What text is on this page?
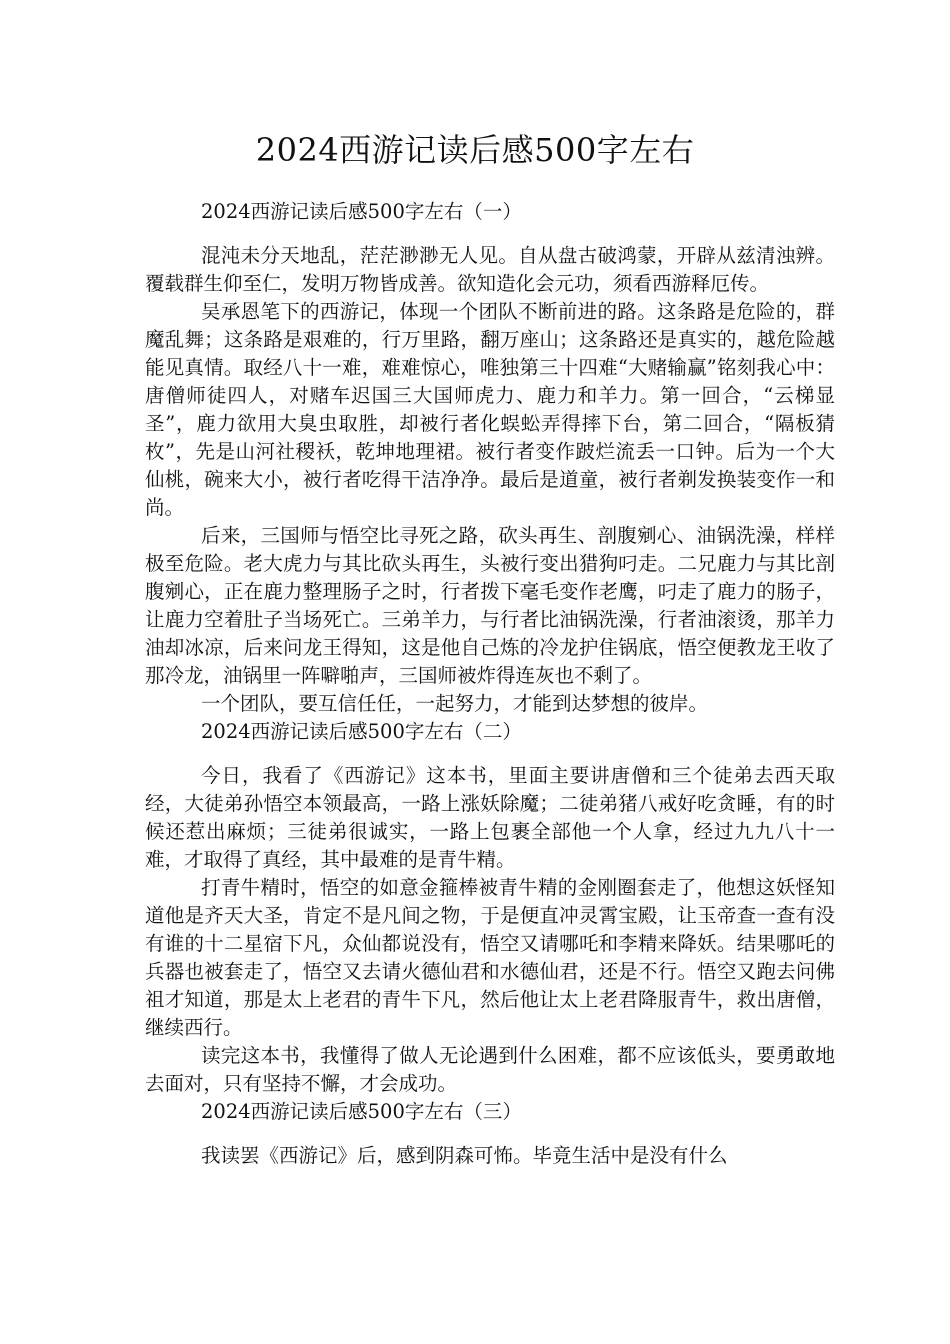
2024西游记读后感500字左右
2024西游记读后感500字左右（一）

混沌未分天地乱，茫茫渺渺无人见。自从盘古破鸿蒙，开辟从兹清浊辨。覆载群生仰至仁，发明万物皆成善。欲知造化会元功，须看西游释厄传。

吴承恩笔下的西游记，体现一个团队不断前进的路。这条路是危险的，群魔乱舞；这条路是艰难的，行万里路，翻万座山；这条路还是真实的，越危险越能见真情。取经八十一难，难难惊心，唯独第三十四难“大赌输赢”铭刻我心中：唐僧师徒四人，对赌车迟国三大国师虎力、鹿力和羊力。第一回合，“云梯显圣”，鹿力欲用大臭虫取胜，却被行者化蜈蚣弄得摔下台，第二回合，“隔板猜枚”，先是山河社稷袄，乾坤地理裙。被行者变作跛烂流丢一口钟。后为一个大仙桃，碗来大小，被行者吃得干洁净净。最后是道童，被行者剃发换装变作一和尚。

后来，三国师与悟空比寻死之路，砍头再生、剖腹剜心、油锅洗澡，样样极至危险。老大虎力与其比砍头再生，头被行变出猎狗叼走。二兄鹿力与其比剖腹剜心，正在鹿力整理肠子之时，行者拨下毫毛变作老鹰，叼走了鹿力的肠子，让鹿力空着肚子当场死亡。三弟羊力，与行者比油锅洗澡，行者油滚烫，那羊力油却冰凉，后来问龙王得知，这是他自己炼的冷龙护住锅底，悟空便教龙王收了那冷龙，油锅里一阵噼啪声，三国师被炸得连灰也不剩了。

一个团队，要互信任任，一起努力，才能到达梦想的彼岸。

2024西游记读后感500字左右（二）

今日，我看了《西游记》这本书，里面主要讲唐僧和三个徒弟去西天取经，大徒弟孙悟空本领最高，一路上涨妖除魔；二徒弟猪八戒好吃贪睡，有的时候还惹出麻烦；三徒弟很诚实，一路上包裹全部他一个人拿，经过九九八十一难，才取得了真经，其中最难的是青牛精。

打青牛精时，悟空的如意金箍棒被青牛精的金刚圈套走了，他想这妖怪知道他是齐天大圣，肯定不是凡间之物，于是便直冲灵霄宝殿，让玉帝查一查有没有谁的十二星宿下凡，众仙都说没有，悟空又请哪吒和李精来降妖。结果哪吒的兵器也被套走了，悟空又去请火德仙君和水德仙君，还是不行。悟空又跑去问佛祖才知道，那是太上老君的青牛下凡，然后他让太上老君降服青牛，救出唐僧，继续西行。

读完这本书，我懂得了做人无论遇到什么困难，都不应该低头，要勇敢地去面对，只有坚持不懈，才会成功。

2024西游记读后感500字左右（三）

我读罢《西游记》后，感到阴森可怖。毕竟生活中是没有什么
